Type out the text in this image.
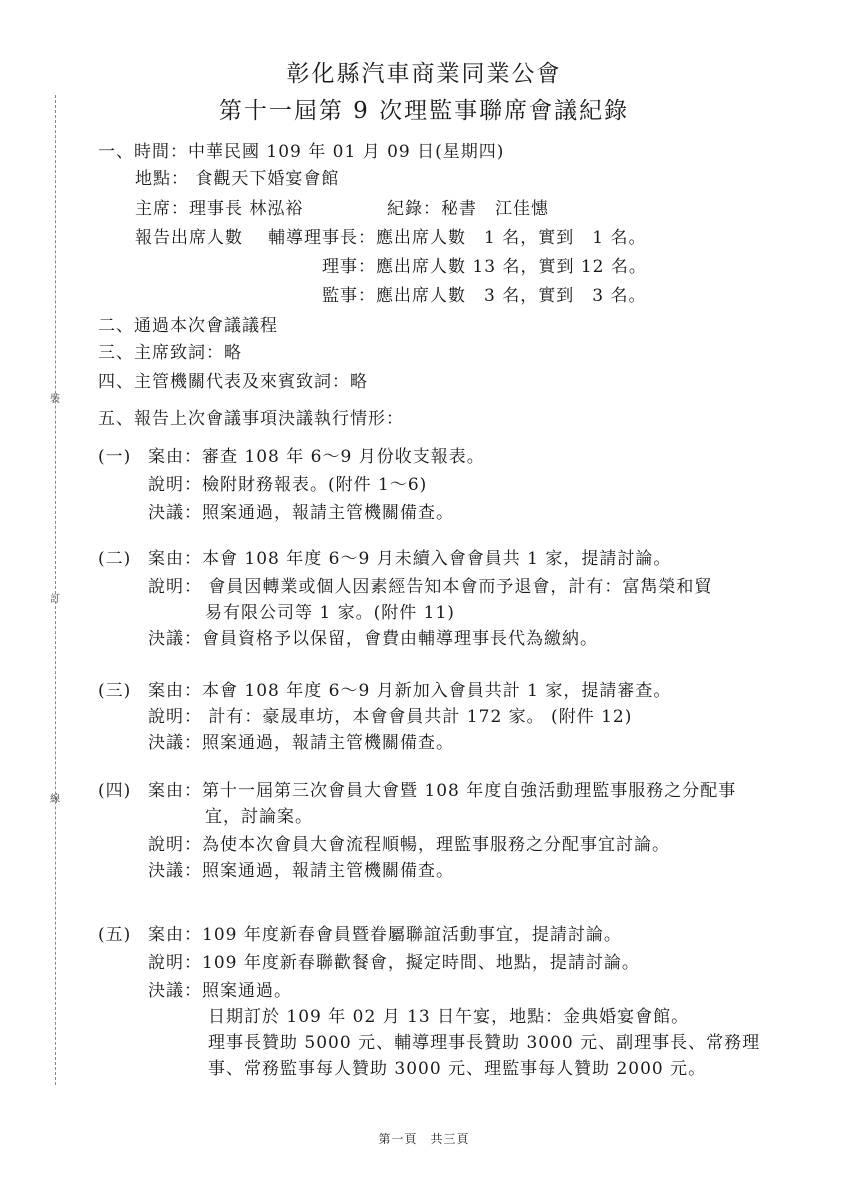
裝
訂
線
彰化縣汽車商業同業公會
第十一屆第 9 次理監事聯席會議紀錄
一、時間：中華民國 109 年 01 月 09 日(星期四)
地點： 食觀天下婚宴會館
主席：理事長 林泓裕	紀錄：秘書　江佳憓
報告出席人數 輔導理事長： 應出席人數　1 名，實到　1 名。
理事： 應出席人數 13 名，實到 12 名。
監事： 應出席人數　3 名，實到　3 名。
二、通過本次會議議程
三、主席致詞：略
四、主管機關代表及來賓致詞：略
五、報告上次會議事項決議執行情形：
(一) 案由：審查 108 年 6～9 月份收支報表。
說明：檢附財務報表。(附件 1～6)
決議：照案通過，報請主管機關備查。
(二) 案由：本會 108 年度 6～9 月未續入會會員共 1 家，提請討論。
說明： 會員因轉業或個人因素經告知本會而予退會，計有：富雋榮和貿
易有限公司等 1 家。(附件 11)
決議：會員資格予以保留，會費由輔導理事長代為繳納。
(三) 案由：本會 108 年度 6～9 月新加入會員共計 1 家，提請審查。
說明： 計有：豪晟車坊，本會會員共計 172 家。 (附件 12)
決議：照案通過，報請主管機關備查。
(四) 案由：第十一屆第三次會員大會暨 108 年度自強活動理監事服務之分配事
宜，討論案。
說明：為使本次會員大會流程順暢，理監事服務之分配事宜討論。
決議：照案通過，報請主管機關備查。
(五) 案由：109 年度新春會員暨眷屬聯誼活動事宜，提請討論。
說明：109 年度新春聯歡餐會，擬定時間、地點，提請討論。
決議：照案通過。
日期訂於 109 年 02 月 13 日午宴，地點：金典婚宴會館。
理事長贊助 5000 元、輔導理事長贊助 3000 元、副理事長、常務理
事、常務監事每人贊助 3000 元、理監事每人贊助 2000 元。
第一頁　共三頁
